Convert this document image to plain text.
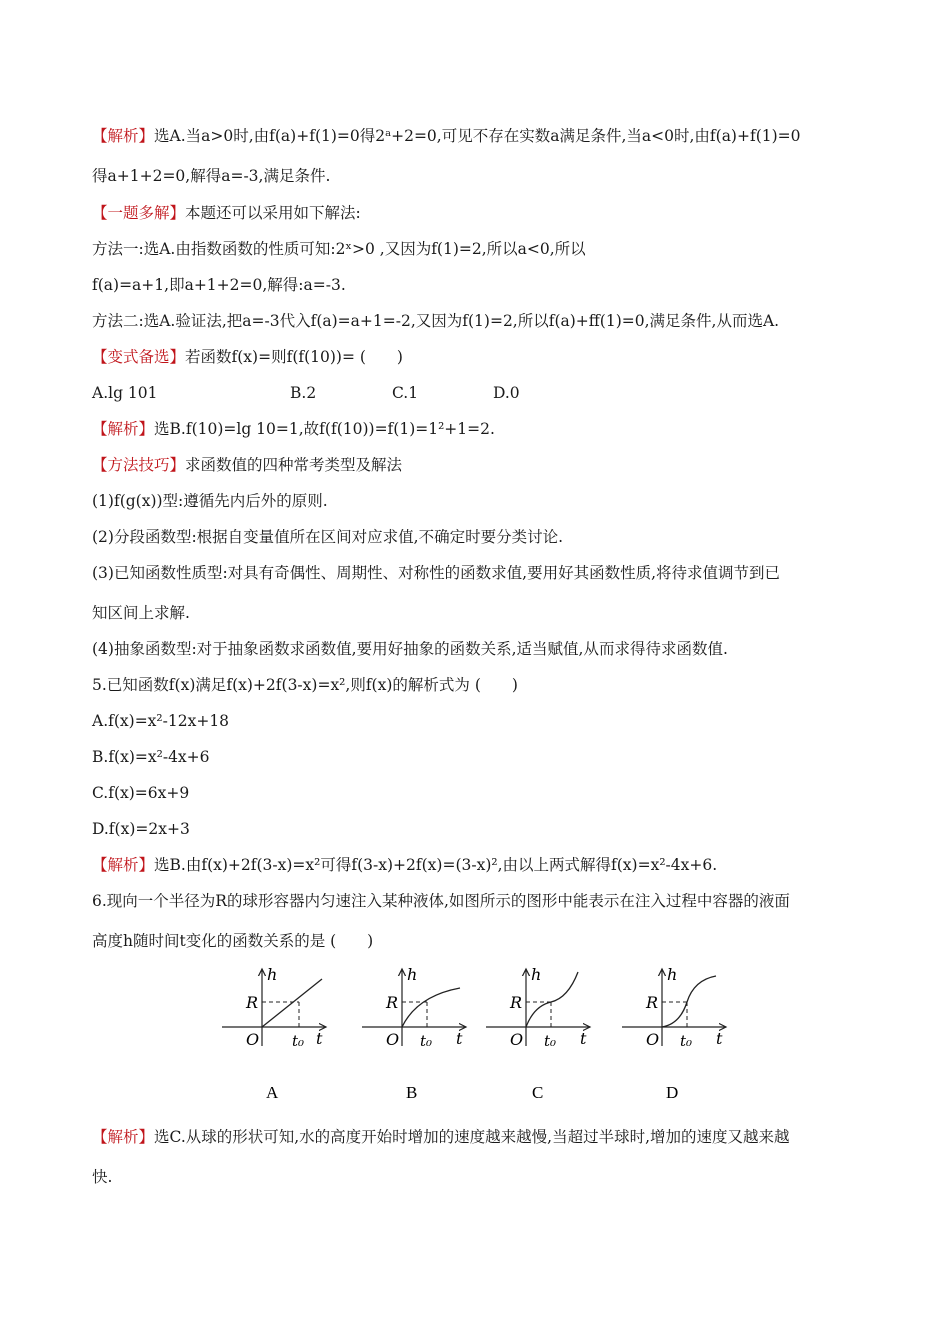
【解析】选A.当a>0时,由f(a)+f(1)=0得2ᵃ+2=0,可见不存在实数a满足条件,当a<0时,由f(a)+f(1)=0
得a+1+2=0,解得a=-3,满足条件.
【一题多解】本题还可以采用如下解法:
方法一:选A.由指数函数的性质可知:2ˣ>0 ,又因为f(1)=2,所以a<0,所以
f(a)=a+1,即a+1+2=0,解得:a=-3.
方法二:选A.验证法,把a=-3代入f(a)=a+1=-2,又因为f(1)=2,所以f(a)+ff(1)=0,满足条件,从而选A.
【变式备选】若函数f(x)=则f(f(10))= (　　)
A.lg 101	B.2	C.1	D.0
【解析】选B.f(10)=lg 10=1,故f(f(10))=f(1)=1²+1=2.
【方法技巧】求函数值的四种常考类型及解法
(1)f(g(x))型:遵循先内后外的原则.
(2)分段函数型:根据自变量值所在区间对应求值,不确定时要分类讨论.
(3)已知函数性质型:对具有奇偶性、周期性、对称性的函数求值,要用好其函数性质,将待求值调节到已
知区间上求解.
(4)抽象函数型:对于抽象函数求函数值,要用好抽象的函数关系,适当赋值,从而求得待求函数值.
5.已知函数f(x)满足f(x)+2f(3-x)=x²,则f(x)的解析式为 (　　)
A.f(x)=x²-12x+18
B.f(x)=x²-4x+6
C.f(x)=6x+9
D.f(x)=2x+3
【解析】选B.由f(x)+2f(3-x)=x²可得f(3-x)+2f(x)=(3-x)²,由以上两式解得f(x)=x²-4x+6.
6.现向一个半径为R的球形容器内匀速注入某种液体,如图所示的图形中能表示在注入过程中容器的液面
高度h随时间t变化的函数关系的是 (　　)
h
R
O t₀ t
A
h
R
O t₀ t
B
h
R
O t₀ t
C
h
R
O t₀ t
D
【解析】选C.从球的形状可知,水的高度开始时增加的速度越来越慢,当超过半球时,增加的速度又越来越
快.
